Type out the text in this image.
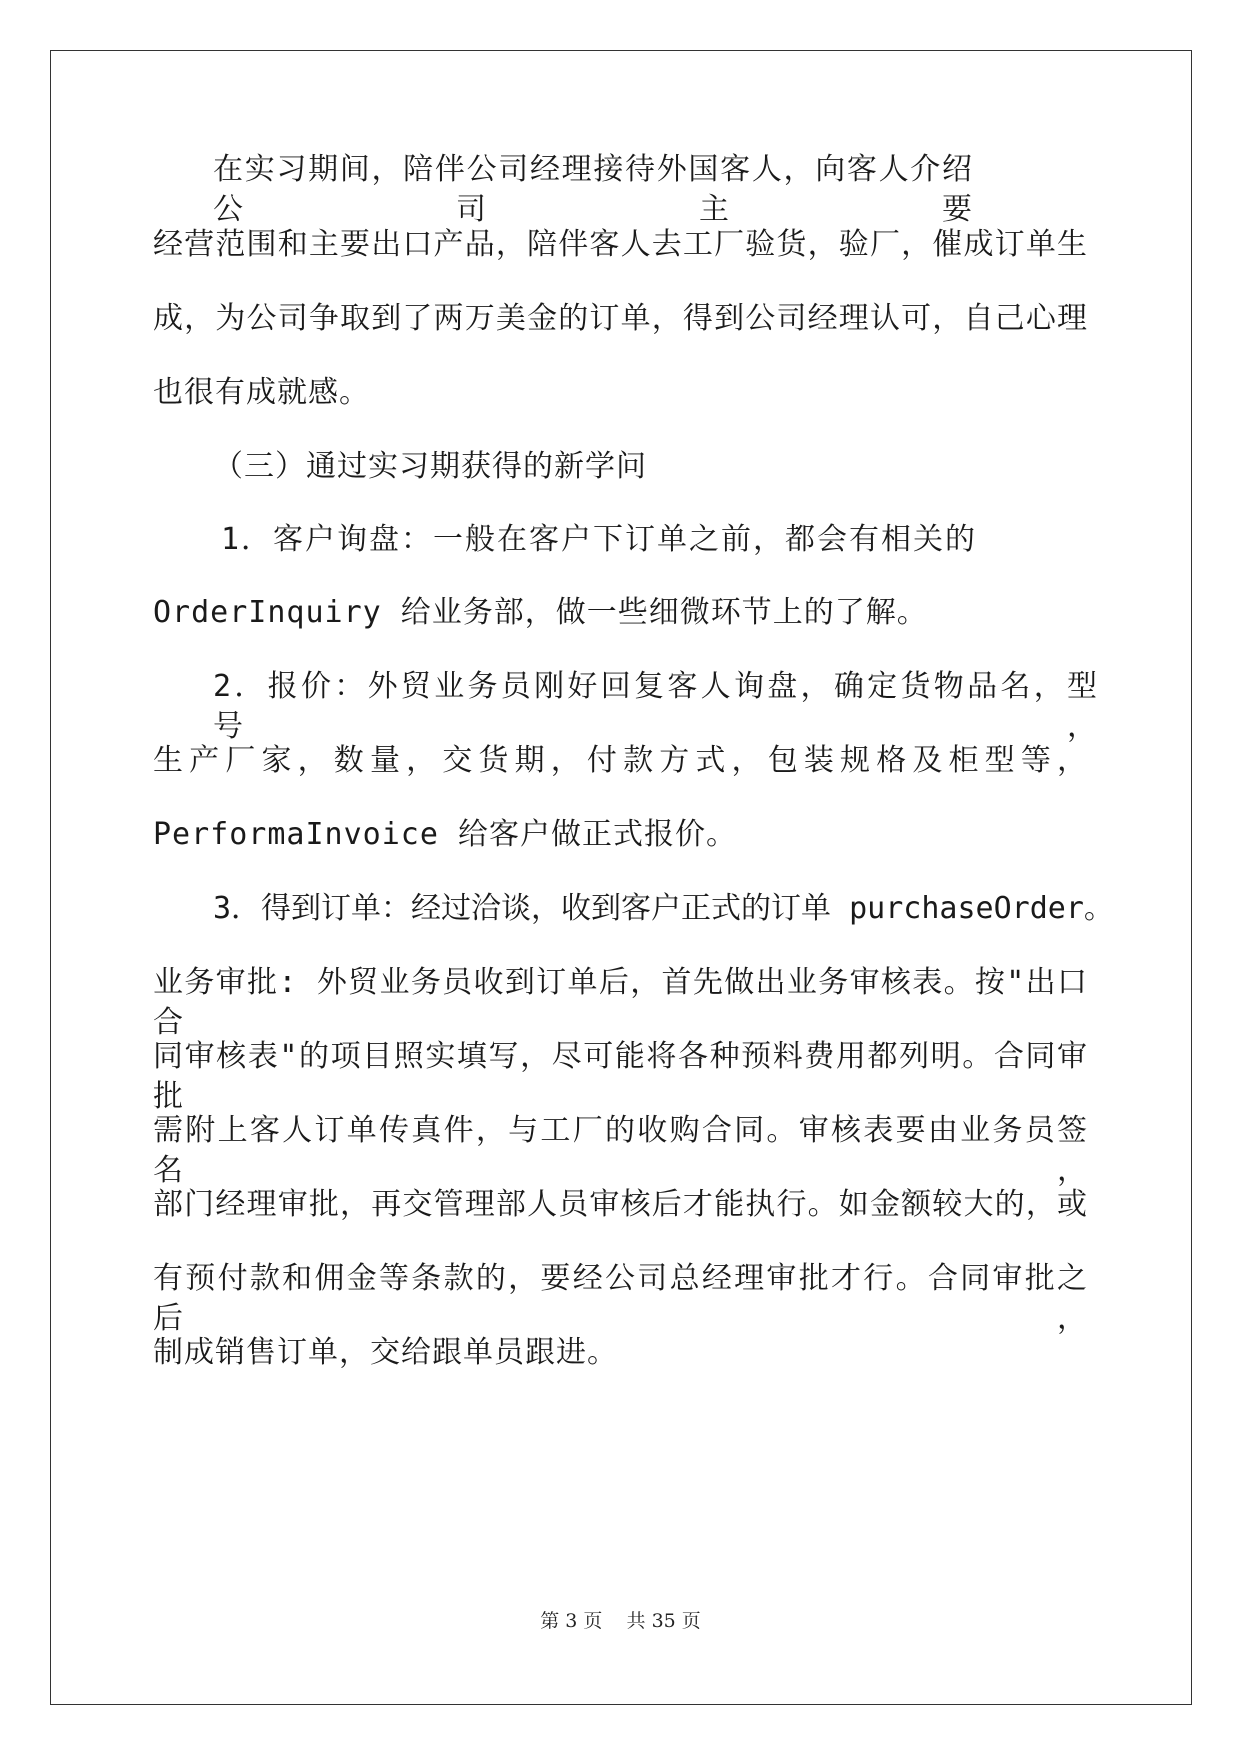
在实习期间，陪伴公司经理接待外国客人，向客人介绍公司主要
经营范围和主要出口产品，陪伴客人去工厂验货，验厂，催成订单生
成，为公司争取到了两万美金的订单，得到公司经理认可，自己心理
也很有成就感。
（三）通过实习期获得的新学问
1．客户询盘：一般在客户下订单之前，都会有相关的
OrderInquiry 给业务部，做一些细微环节上的了解。
2．报价：外贸业务员刚好回复客人询盘，确定货物品名，型号，
生产厂家，数量，交货期，付款方式，包装规格及柜型等，
PerformaInvoice 给客户做正式报价。
3．得到订单：经过洽谈，收到客户正式的订单 purchaseOrder。
业务审批: 外贸业务员收到订单后，首先做出业务审核表。按"出口合
同审核表"的项目照实填写，尽可能将各种预料费用都列明。合同审批
需附上客人订单传真件，与工厂的收购合同。审核表要由业务员签名，
部门经理审批，再交管理部人员审核后才能执行。如金额较大的，或
有预付款和佣金等条款的，要经公司总经理审批才行。合同审批之后，
制成销售订单，交给跟单员跟进。
第 3 页    共 35 页
